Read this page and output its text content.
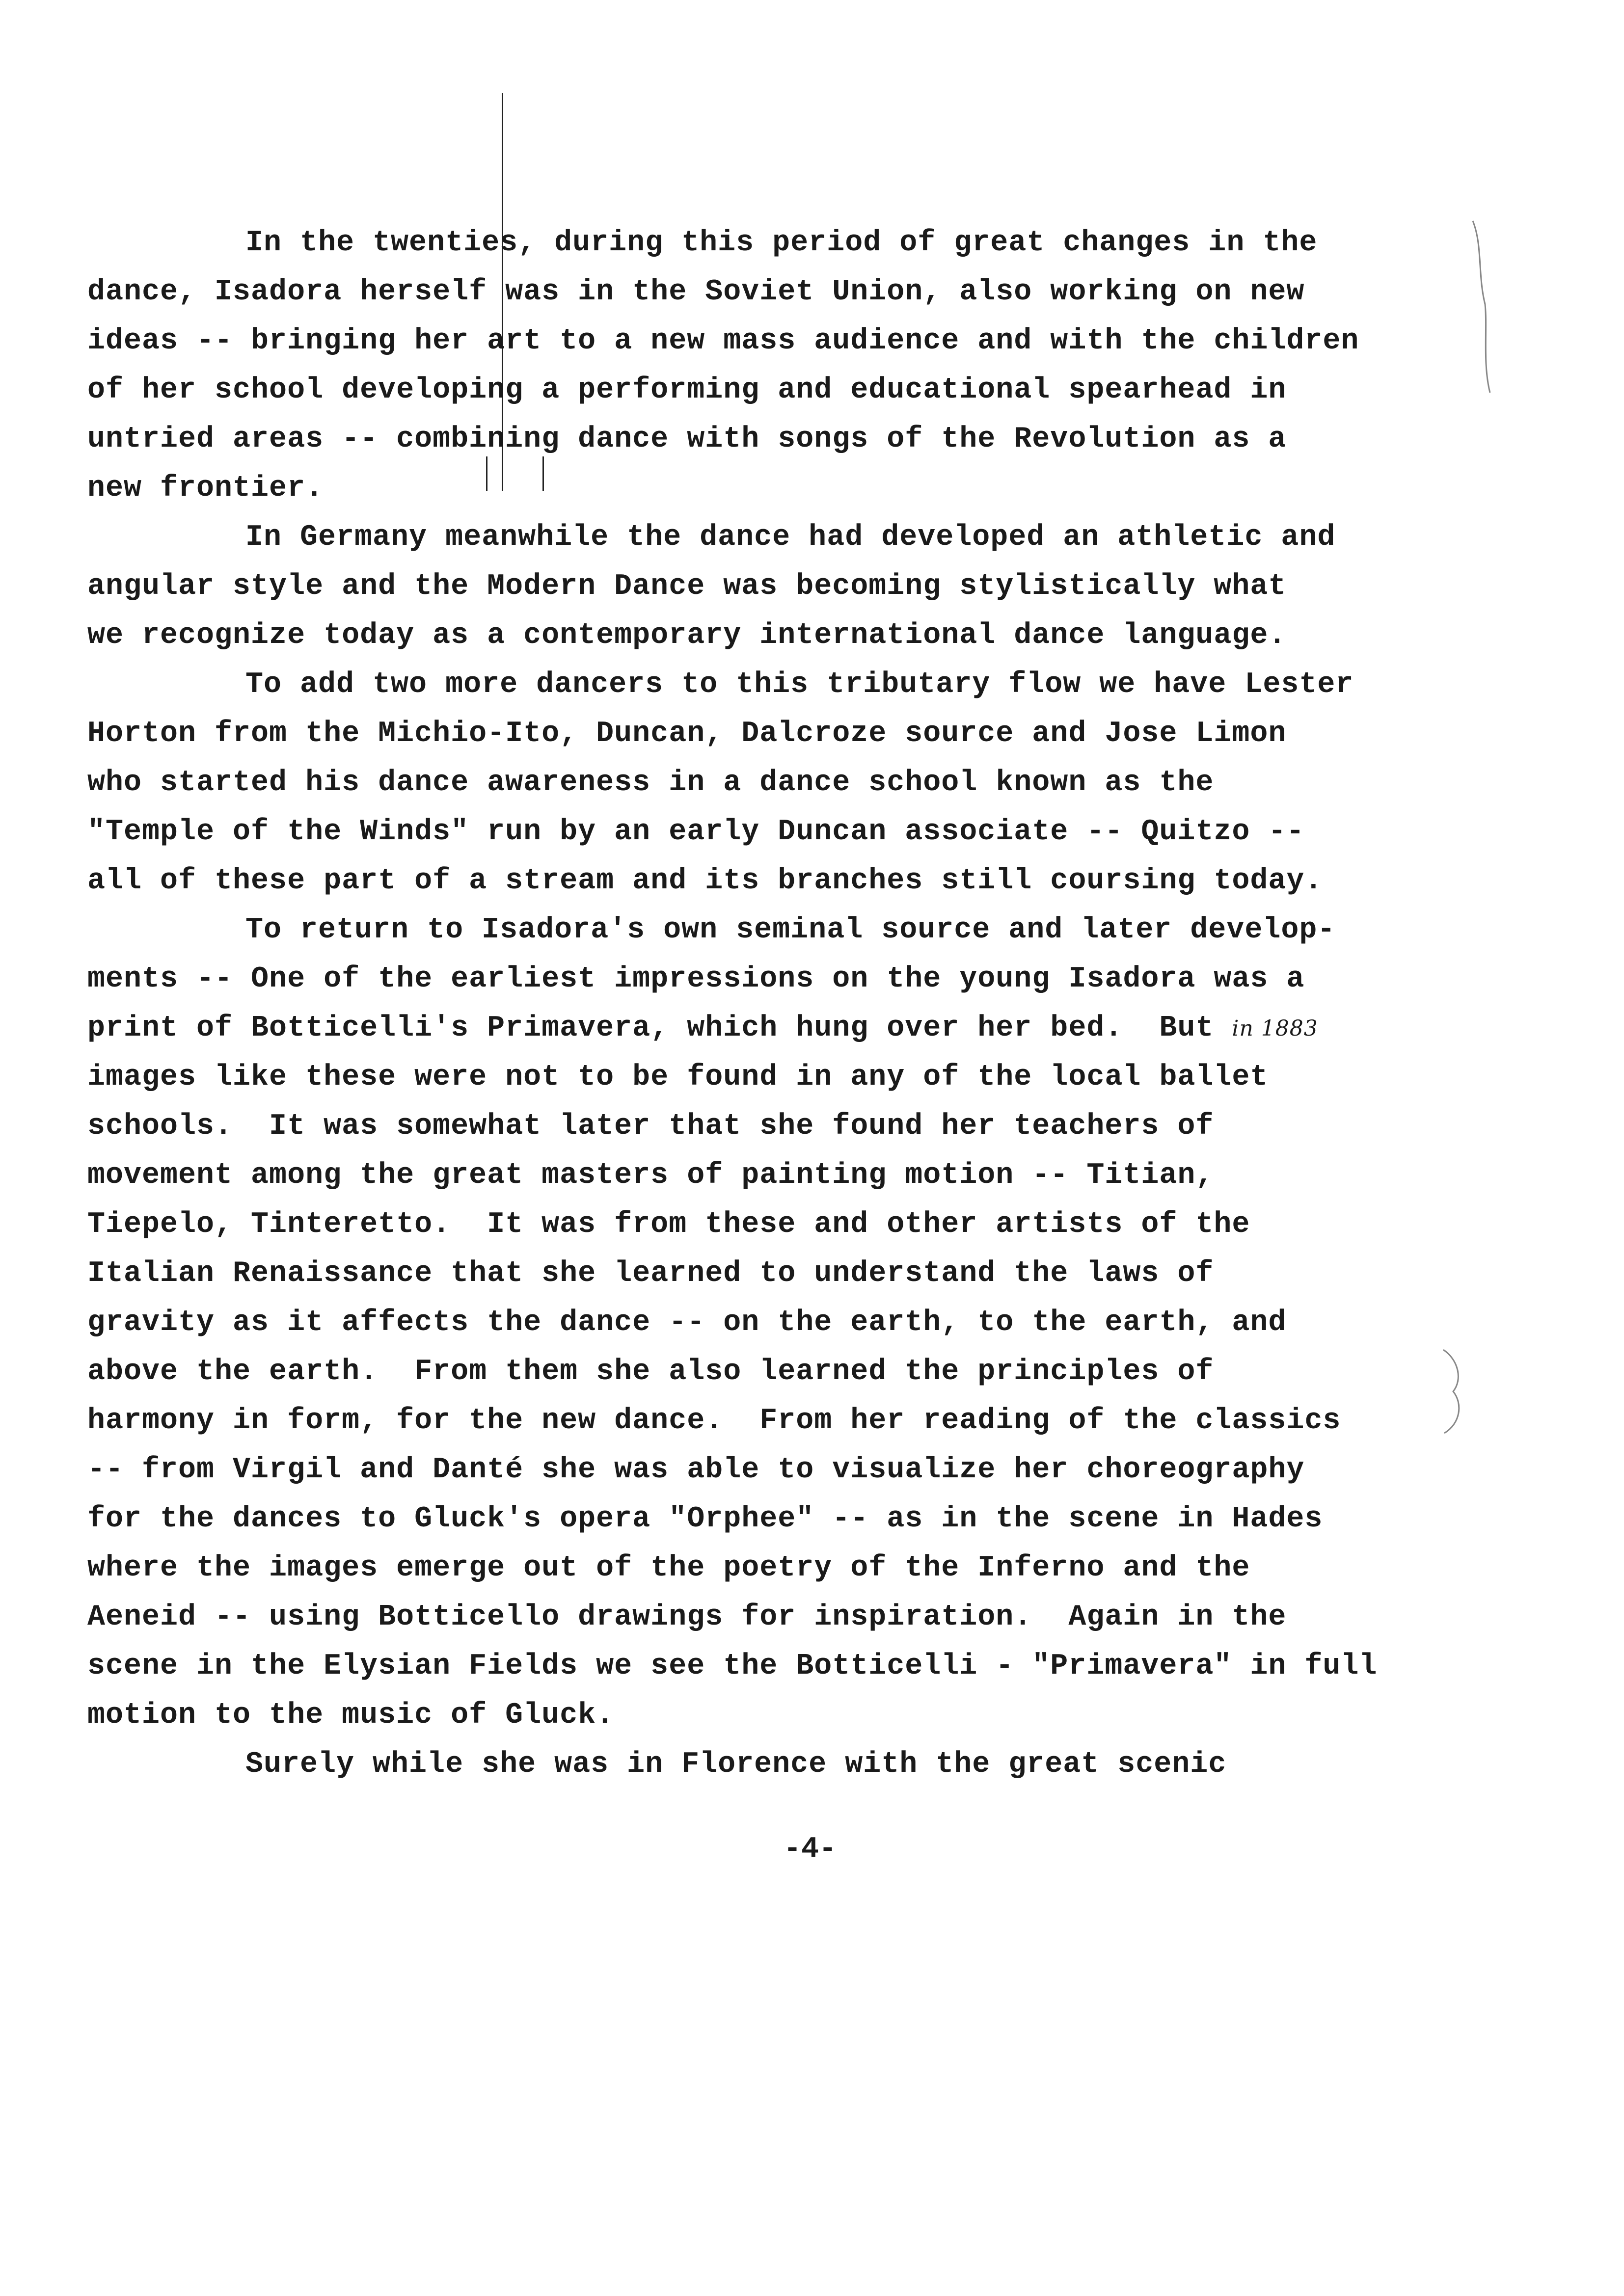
In the twenties, during this period of great changes in the
dance, Isadora herself was in the Soviet Union, also working on new
ideas -- bringing her art to a new mass audience and with the children
of her school developing a performing and educational spearhead in
untried areas -- combining dance with songs of the Revolution as a
new frontier.
In Germany meanwhile the dance had developed an athletic and
angular style and the Modern Dance was becoming stylistically what
we recognize today as a contemporary international dance language.
To add two more dancers to this tributary flow we have Lester
Horton from the Michio-Ito, Duncan, Dalcroze source and Jose Limon
who started his dance awareness in a dance school known as the
"Temple of the Winds" run by an early Duncan associate -- Quitzo --
all of these part of a stream and its branches still coursing today.
To return to Isadora's own seminal source and later develop-
ments -- One of the earliest impressions on the young Isadora was a
print of Botticelli's Primavera, which hung over her bed.  But in 1883
images like these were not to be found in any of the local ballet
schools.  It was somewhat later that she found her teachers of
movement among the great masters of painting motion -- Titian,
Tiepelo, Tinteretto.  It was from these and other artists of the
Italian Renaissance that she learned to understand the laws of
gravity as it affects the dance -- on the earth, to the earth, and
above the earth.  From them she also learned the principles of
harmony in form, for the new dance.  From her reading of the classics
-- from Virgil and Danté she was able to visualize her choreography
for the dances to Gluck's opera "Orphee" -- as in the scene in Hades
where the images emerge out of the poetry of the Inferno and the
Aeneid -- using Botticello drawings for inspiration.  Again in the
scene in the Elysian Fields we see the Botticelli - "Primavera" in full
motion to the music of Gluck.
Surely while she was in Florence with the great scenic
-4-
